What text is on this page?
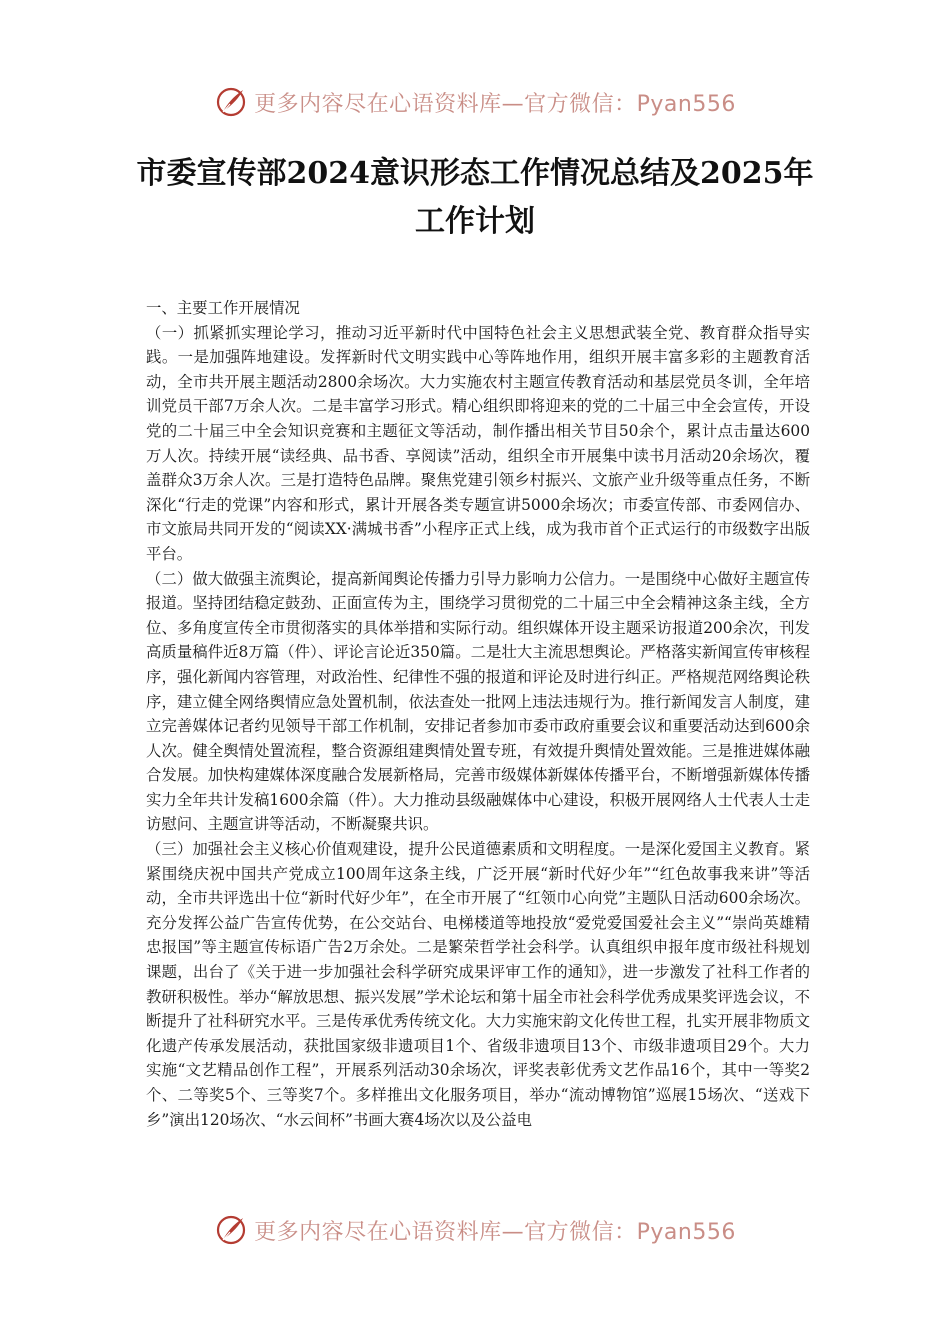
更多内容尽在心语资料库—官方微信：Pyan556
市委宣传部2024意识形态工作情况总结及2025年
工作计划

一、主要工作开展情况

（一）抓紧抓实理论学习，推动习近平新时代中国特色社会主义思想武装全党、教育群众指导实践。一是加强阵地建设。发挥新时代文明实践中心等阵地作用，组织开展丰富多彩的主题教育活动，全市共开展主题活动2800余场次。大力实施农村主题宣传教育活动和基层党员冬训，全年培训党员干部7万余人次。二是丰富学习形式。精心组织即将迎来的党的二十届三中全会宣传，开设党的二十届三中全会知识竞赛和主题征文等活动，制作播出相关节目50余个，累计点击量达600万人次。持续开展“读经典、品书香、享阅读”活动，组织全市开展集中读书月活动20余场次，覆盖群众3万余人次。三是打造特色品牌。聚焦党建引领乡村振兴、文旅产业升级等重点任务，不断深化“行走的党课”内容和形式，累计开展各类专题宣讲5000余场次；市委宣传部、市委网信办、市文旅局共同开发的“阅读XX·满城书香”小程序正式上线，成为我市首个正式运行的市级数字出版平台。

（二）做大做强主流舆论，提高新闻舆论传播力引导力影响力公信力。一是围绕中心做好主题宣传报道。坚持团结稳定鼓劲、正面宣传为主，围绕学习贯彻党的二十届三中全会精神这条主线，全方位、多角度宣传全市贯彻落实的具体举措和实际行动。组织媒体开设主题采访报道200余次，刊发高质量稿件近8万篇（件）、评论言论近350篇。二是壮大主流思想舆论。严格落实新闻宣传审核程序，强化新闻内容管理，对政治性、纪律性不强的报道和评论及时进行纠正。严格规范网络舆论秩序，建立健全网络舆情应急处置机制，依法查处一批网上违法违规行为。推行新闻发言人制度，建立完善媒体记者约见领导干部工作机制，安排记者参加市委市政府重要会议和重要活动达到600余人次。健全舆情处置流程，整合资源组建舆情处置专班，有效提升舆情处置效能。三是推进媒体融合发展。加快构建媒体深度融合发展新格局，完善市级媒体新媒体传播平台，不断增强新媒体传播实力全年共计发稿1600余篇（件）。大力推动县级融媒体中心建设，积极开展网络人士代表人士走访慰问、主题宣讲等活动，不断凝聚共识。

（三）加强社会主义核心价值观建设，提升公民道德素质和文明程度。一是深化爱国主义教育。紧紧围绕庆祝中国共产党成立100周年这条主线，广泛开展“新时代好少年”“红色故事我来讲”等活动，全市共评选出十位“新时代好少年”，在全市开展了“红领巾心向党”主题队日活动600余场次。充分发挥公益广告宣传优势，在公交站台、电梯楼道等地投放“爱党爱国爱社会主义”“崇尚英雄精忠报国”等主题宣传标语广告2万余处。二是繁荣哲学社会科学。认真组织申报年度市级社科规划课题，出台了《关于进一步加强社会科学研究成果评审工作的通知》，进一步激发了社科工作者的教研积极性。举办“解放思想、振兴发展”学术论坛和第十届全市社会科学优秀成果奖评选会议，不断提升了社科研究水平。三是传承优秀传统文化。大力实施宋韵文化传世工程，扎实开展非物质文化遗产传承发展活动，获批国家级非遗项目1个、省级非遗项目13个、市级非遗项目29个。大力实施“文艺精品创作工程”，开展系列活动30余场次，评奖表彰优秀文艺作品16个，其中一等奖2个、二等奖5个、三等奖7个。多样推出文化服务项目，举办“流动博物馆”巡展15场次、“送戏下乡”演出120场次、“水云间杯”书画大赛4场次以及公益电

更多内容尽在心语资料库—官方微信：Pyan556
